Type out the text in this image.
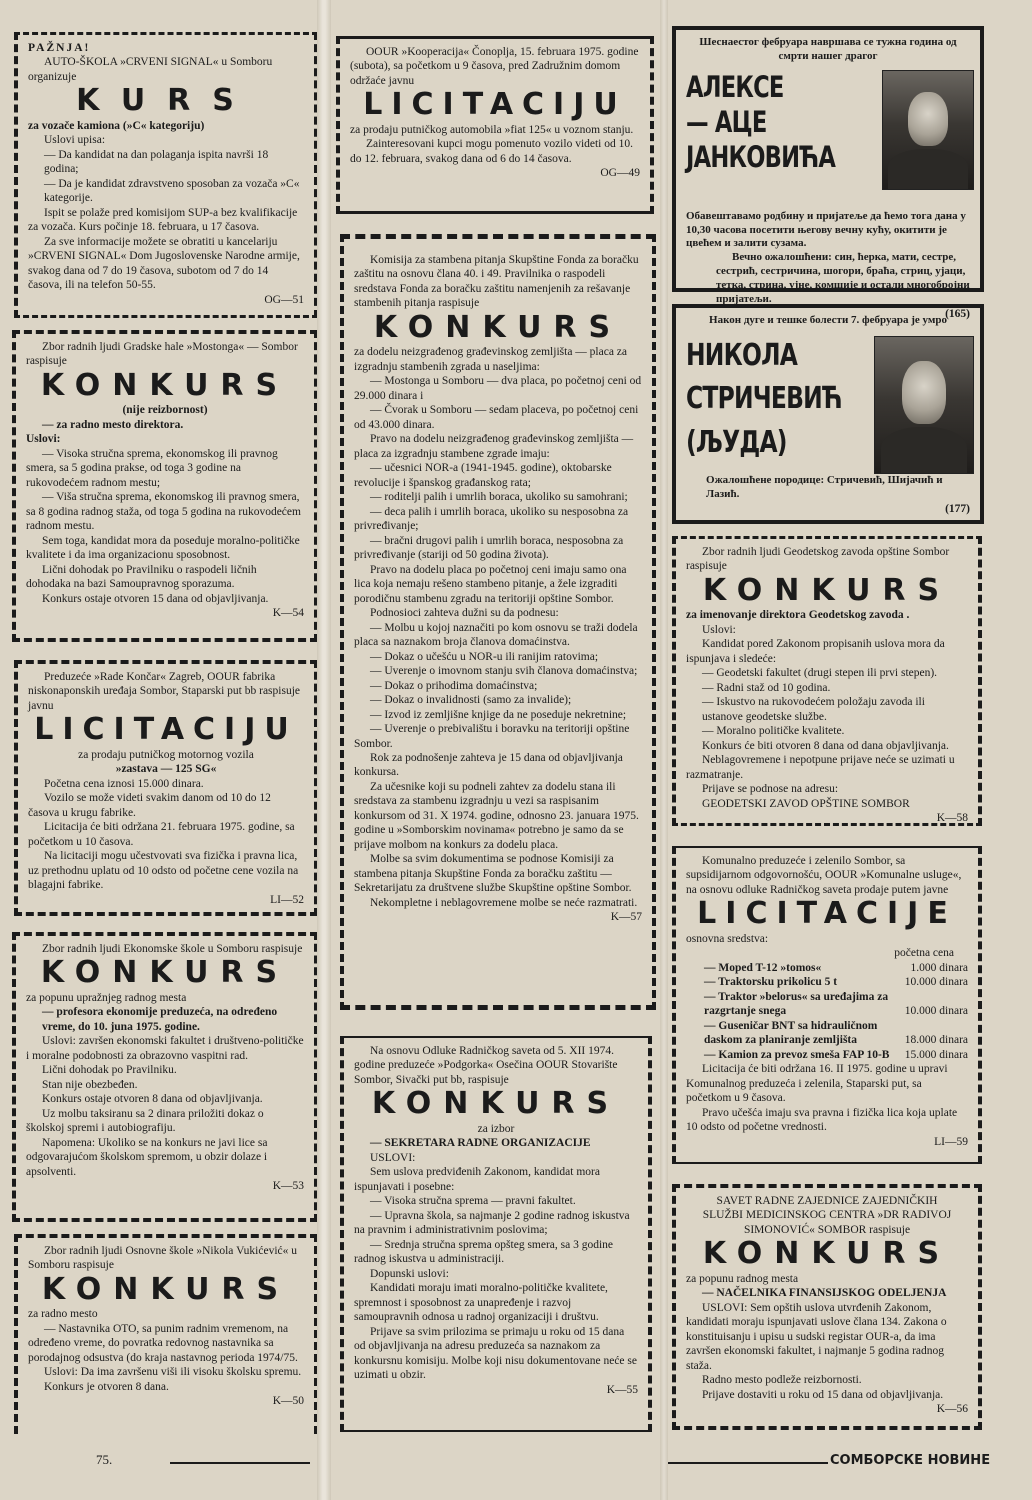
PAŽNJA!

AUTO-ŠKOLA »CRVENI SIGNAL« u Somboru organizuje

KURS

za vozače kamiona (»C« kategoriju)

Uslovi upisa:

— Da kandidat na dan polaganja ispita navrši 18 godina;

— Da je kandidat zdravstveno sposoban za vozača »C« kategorije.

Ispit se polaže pred komisijom SUP-a bez kvalifikacije za vozača. Kurs počinje 18. februara, u 17 časova.

Za sve informacije možete se obratiti u kancelariju »CRVENI SIGNAL« Dom Jugoslovenske Narodne armije, svakog dana od 7 do 19 časova, subotom od 7 do 14 časova, ili na telefon 50-55.

OG—51

Zbor radnih ljudi Gradske hale »Mostonga« — Sombor raspisuje

KONKURS

(nije reizbornost)

— za radno mesto direktora.

Uslovi:

— Visoka stručna sprema, ekonomskog ili pravnog smera, sa 5 godina prakse, od toga 3 godine na rukovodećem radnom mestu;

— Viša stručna sprema, ekonomskog ili pravnog smera, sa 8 godina radnog staža, od toga 5 godina na rukovodećem radnom mestu.

Sem toga, kandidat mora da poseduje moralno-političke kvalitete i da ima organizacionu sposobnost.

Lični dohodak po Pravilniku o raspodeli ličnih dohodaka na bazi Samoupravnog sporazuma.

Konkurs ostaje otvoren 15 dana od objavljivanja.

K—54

Preduzeće »Rade Končar« Zagreb, OOUR fabrika niskonaponskih uređaja Sombor, Staparski put bb raspisuje javnu

LICITACIJU

za prodaju putničkog motornog vozila

»zastava — 125 SG«

Početna cena iznosi 15.000 dinara.

Vozilo se može videti svakim danom od 10 do 12 časova u krugu fabrike.

Licitacija će biti održana 21. februara 1975. godine, sa početkom u 10 časova.

Na licitaciji mogu učestvovati sva fizička i pravna lica, uz prethodnu uplatu od 10 odsto od početne cene vozila na blagajni fabrike.

LI—52

Zbor radnih ljudi Ekonomske škole u Somboru raspisuje

KONKURS

za popunu upražnjeg radnog mesta

— profesora ekonomije preduzeća, na određeno vreme, do 10. juna 1975. godine.

Uslovi: završen ekonomski fakultet i društveno-političke i moralne podobnosti za obrazovno vaspitni rad.

Lični dohodak po Pravilniku.

Stan nije obezbeđen.

Konkurs ostaje otvoren 8 dana od objavljivanja.

Uz molbu taksiranu sa 2 dinara priložiti dokaz o školskoj spremi i autobiografiju.

Napomena: Ukoliko se na konkurs ne javi lice sa odgovarajućom školskom spremom, u obzir dolaze i apsolventi.

K—53

Zbor radnih ljudi Osnovne škole »Nikola Vukićević« u Somboru raspisuje

KONKURS

za radno mesto

— Nastavnika OTO, sa punim radnim vremenom, na određeno vreme, do povratka redovnog nastavnika sa porodajnog odsustva (do kraja nastavnog perioda 1974/75.

Uslovi: Da ima završenu viši ili visoku školsku spremu.

Konkurs je otvoren 8 dana.

K—50

75.

OOUR »Kooperacija« Čonoplja, 15. februara 1975. godine (subota), sa početkom u 9 časova, pred Zadružnim domom održaće javnu

LICITACIJU

za prodaju putničkog automobila »fiat 125« u voznom stanju.

Zainteresovani kupci mogu pomenuto vozilo videti od 10. do 12. februara, svakog dana od 6 do 14 časova.

OG—49

Komisija za stambena pitanja Skupštine Fonda za boračku zaštitu na osnovu člana 40. i 49. Pravilnika o raspodeli sredstava Fonda za boračku zaštitu namenjenih za rešavanje stambenih pitanja raspisuje

KONKURS

za dodelu neizgrađenog građevinskog zemljišta — placa za izgradnju stambenih zgrada u naseljima:

— Mostonga u Somboru — dva placa, po početnoj ceni od 29.000 dinara i

— Čvorak u Somboru — sedam placeva, po početnoj ceni od 43.000 dinara.

Pravo na dodelu neizgrađenog građevinskog zemljišta — placa za izgradnju stambene zgrade imaju:

— učesnici NOR-a (1941-1945. godine), oktobarske revolucije i španskog građanskog rata;

— roditelji palih i umrlih boraca, ukoliko su samohrani;

— deca palih i umrlih boraca, ukoliko su nesposobna za privređivanje;

— bračni drugovi palih i umrlih boraca, nesposobna za privređivanje (stariji od 50 godina života).

Pravo na dodelu placa po početnoj ceni imaju samo ona lica koja nemaju rešeno stambeno pitanje, a žele izgraditi porodičnu stambenu zgradu na teritoriji opštine Sombor.

Podnosioci zahteva dužni su da podnesu:

— Molbu u kojoj naznačiti po kom osnovu se traži dodela placa sa naznakom broja članova domaćinstva.

— Dokaz o učešću u NOR-u ili ranijim ratovima;

— Uverenje o imovnom stanju svih članova domaćinstva;

— Dokaz o prihodima domaćinstva;

— Dokaz o invalidnosti (samo za invalide);

— Izvod iz zemljišne knjige da ne poseduje nekretnine;

— Uverenje o prebivalištu i boravku na teritoriji opštine Sombor.

Rok za podnošenje zahteva je 15 dana od objavljivanja konkursa.

Za učesnike koji su podneli zahtev za dodelu stana ili sredstava za stambenu izgradnju u vezi sa raspisanim konkursom od 31. X 1974. godine, odnosno 23. januara 1975. godine u »Somborskim novinama« potrebno je samo da se prijave molbom na konkurs za dodelu placa.

Molbe sa svim dokumentima se podnose Komisiji za stambena pitanja Skupštine Fonda za boračku zaštitu — Sekretarijatu za društvene službe Skupštine opštine Sombor.

Nekompletne i neblagovremene molbe se neće razmatrati.

K—57

Na osnovu Odluke Radničkog saveta od 5. XII 1974. godine preduzeće »Podgorka« Osečina OOUR Stovarište Sombor, Sivački put bb, raspisuje

KONKURS

za izbor

— SEKRETARA RADNE ORGANIZACIJE

USLOVI:

Sem uslova predviđenih Zakonom, kandidat mora ispunjavati i posebne:

— Visoka stručna sprema — pravni fakultet.

— Upravna škola, sa najmanje 2 godine radnog iskustva na pravnim i administrativnim poslovima;

— Srednja stručna sprema opšteg smera, sa 3 godine radnog iskustva u administraciji.

Dopunski uslovi:

Kandidati moraju imati moralno-političke kvalitete, spremnost i sposobnost za unapređenje i razvoj samoupravnih odnosa u radnoj organizaciji i društvu.

Prijave sa svim prilozima se primaju u roku od 15 dana od objavljivanja na adresu preduzeća sa naznakom za konkursnu komisiju. Molbe koji nisu dokumentovane neće se uzimati u obzir.

K—55

Шеснаестог фебруара навршава се тужна година од смрти нашег драгог

АЛЕКСЕ
— АЦЕ
ЈАНКОВИЋА

Обавештавамо родбину и пријатеље да ћемо тога дана у 10,30 часова посетити његову вечну кућу, окитити је цвећем и залити сузама.

Вечно ожалошћени: син, ћерка, мати, сестре, сестрић, сестричина, шогори, браћа, стриц, ујаци, тетка, стрина, ујне, комшије и остали многобројни пријатељи.

(165)

Након дуге и тешке болести 7. фебруара је умро

НИКОЛА
СТРИЧЕВИЋ
(ЉУДА)

Ожалошћене породице: Стричевић, Шијачић и Лазић.

(177)

Zbor radnih ljudi Geodetskog zavoda opštine Sombor raspisuje

KONKURS

za imenovanje direktora Geodetskog zavoda .

Uslovi:

Kandidat pored Zakonom propisanih uslova mora da ispunjava i sledeće:

— Geodetski fakultet (drugi stepen ili prvi stepen).

— Radni staž od 10 godina.

— Iskustvo na rukovodećem položaju zavoda ili ustanove geodetske službe.

— Moralno političke kvalitete.

Konkurs će biti otvoren 8 dana od dana objavljivanja.

Neblagovremene i nepotpune prijave neće se uzimati u razmatranje.

Prijave se podnose na adresu:

GEODETSKI ZAVOD OPŠTINE SOMBOR

K—58

Komunalno preduzeće i zelenilo Sombor, sa supsidijarnom odgovornošću, OOUR »Komunalne usluge«, na osnovu odluke Radničkog saveta prodaje putem javne

LICITACIJE

osnovna sredstva:

početna cena

— Moped T-12 »tomos«	1.000 dinara
— Traktorsku prikolicu 5 t	10.000 dinara
— Traktor »belorus« sa uređajima za razgrtanje snega	10.000 dinara
— Guseničar BNT sa hidrauličnom daskom za planiranje zemljišta	18.000 dinara
— Kamion za prevoz smeša FAP 10-B 15.000 dinara

Licitacija će biti održana 16. II 1975. godine u upravi Komunalnog preduzeća i zelenila, Staparski put, sa početkom u 9 časova.

Pravo učešća imaju sva pravna i fizička lica koja uplate 10 odsto od početne vrednosti.

LI—59

SAVET RADNE ZAJEDNICE ZAJEDNIČKIH SLUŽBI MEDICINSKOG CENTRA »DR RADIVOJ SIMONOVIĆ« SOMBOR raspisuje

KONKURS

za popunu radnog mesta

— NAČELNIKA FINANSIJSKOG ODELJENJA

USLOVI: Sem opštih uslova utvrđenih Zakonom, kandidati moraju ispunjavati uslove člana 134. Zakona o konstituisanju i upisu u sudski registar OUR-a, da ima završen ekonomski fakultet, i najmanje 5 godina radnog staža.

Radno mesto podleže reizbornosti.

Prijave dostaviti u roku od 15 dana od objavljivanja.

K—56

СОМБОРСКЕ НОВИНЕ
